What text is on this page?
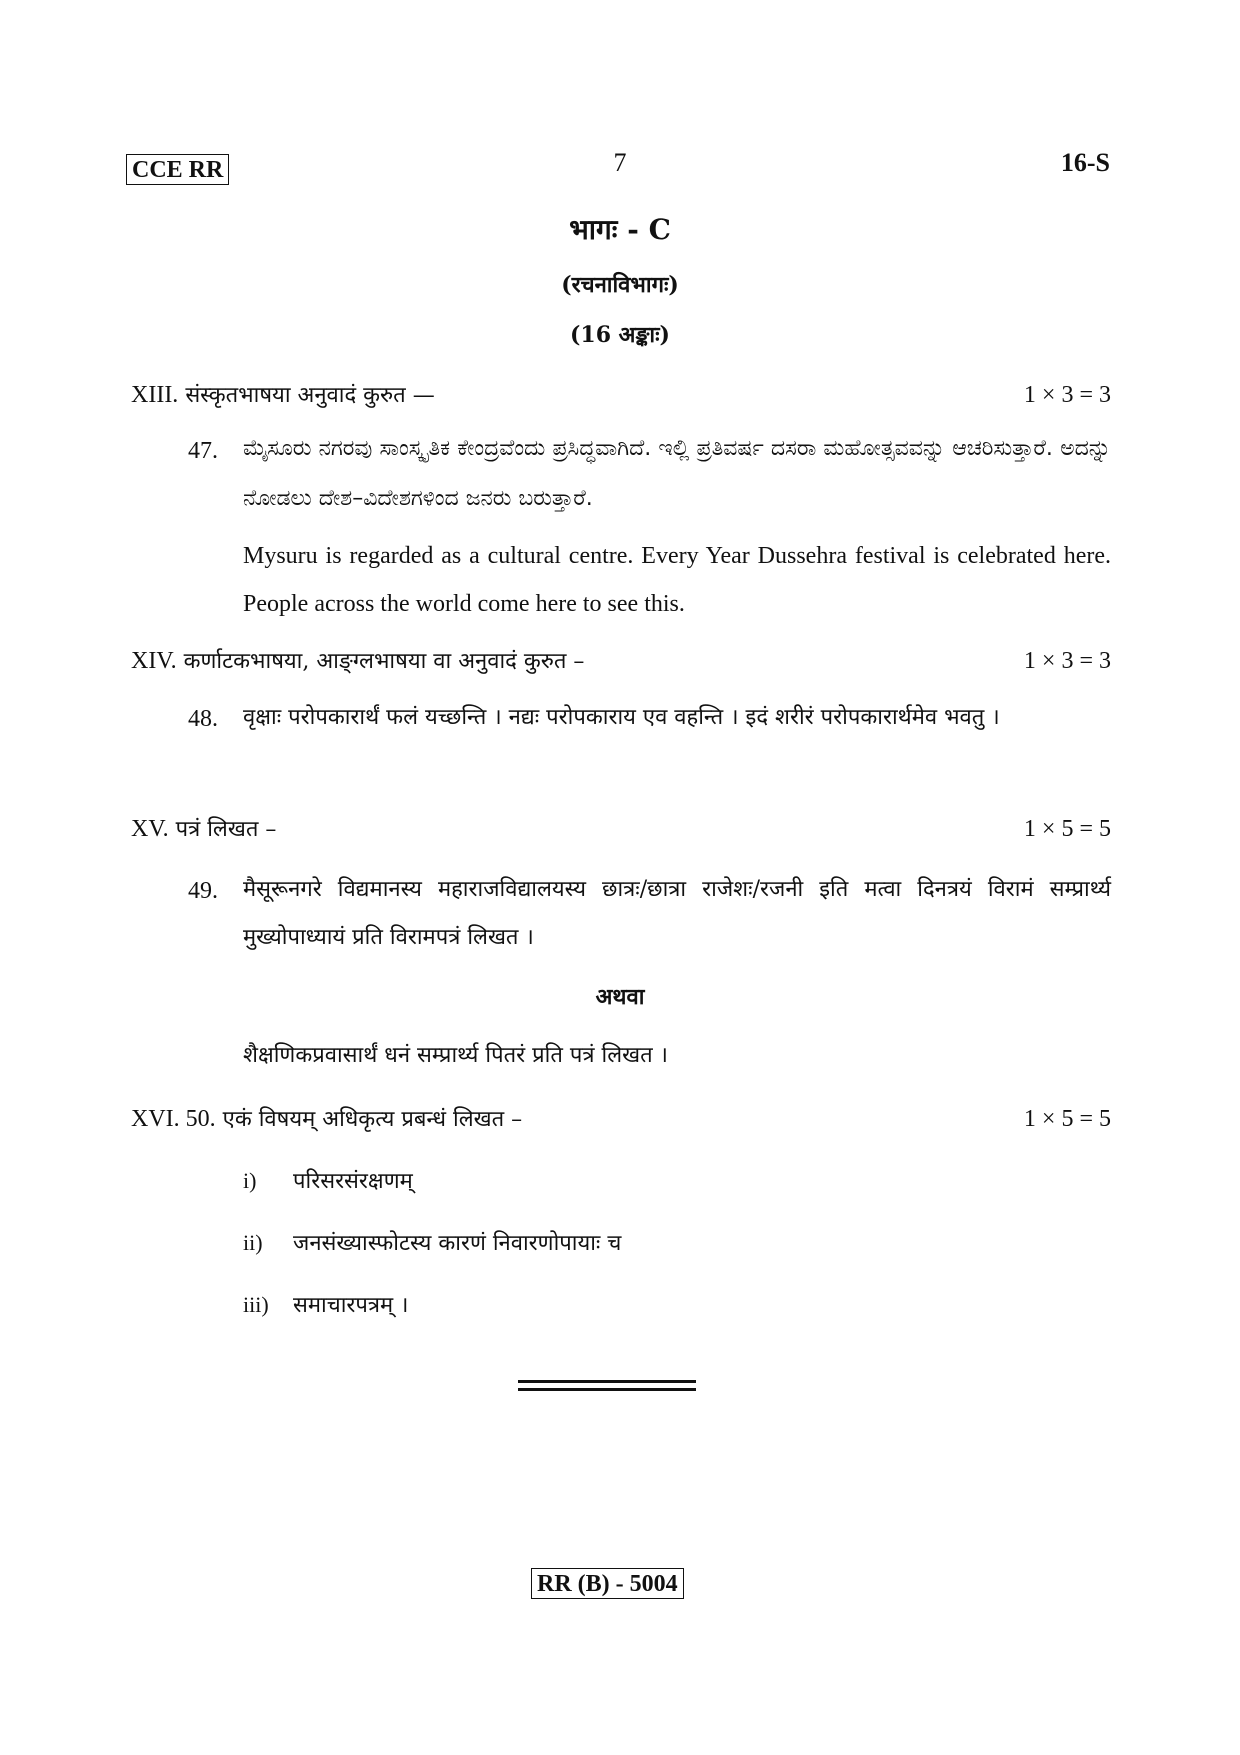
CCE RR	7	16-S
भागः - C
(रचनाविभागः)
(16 अङ्काः)
XIII. संस्कृतभाषया अनुवादं कुरुत —	1 × 3 = 3
47. ಮೈಸೂರು ನಗರವು ಸಾಂಸ್ಕೃತಿಕ ಕೇಂದ್ರವೆಂದು ಪ್ರಸಿದ್ಧವಾಗಿದೆ. ಇಲ್ಲಿ ಪ್ರತಿವರ್ಷ ದಸರಾ ಮಹೋತ್ಸವವನ್ನು ಆಚರಿಸುತ್ತಾರೆ. ಅದನ್ನು ನೋಡಲು ದೇಶ–ವಿದೇಶಗಳಿಂದ ಜನರು ಬರುತ್ತಾರೆ.
Mysuru is regarded as a cultural centre. Every Year Dussehra festival is celebrated here. People across the world come here to see this.
XIV. कर्णाटकभाषया, आङ्ग्लभाषया वा अनुवादं कुरुत –	1 × 3 = 3
48. वृक्षाः परोपकारार्थं फलं यच्छन्ति । नद्यः परोपकाराय एव वहन्ति । इदं शरीरं परोपकारार्थमेव भवतु ।
XV. पत्रं लिखत –	1 × 5 = 5
49. मैसूरूनगरे विद्यमानस्य महाराजविद्यालयस्य छात्रः/छात्रा राजेशः/रजनी इति मत्वा दिनत्रयं विरामं सम्प्रार्थ्य मुख्योपाध्यायं प्रति विरामपत्रं लिखत ।
अथवा
शैक्षणिकप्रवासार्थं धनं सम्प्रार्थ्य पितरं प्रति पत्रं लिखत ।
XVI. 50. एकं विषयम् अधिकृत्य प्रबन्धं लिखत –	1 × 5 = 5
i) परिसरसंरक्षणम्
ii) जनसंख्यास्फोटस्य कारणं निवारणोपायाः च
iii) समाचारपत्रम् ।
RR (B) - 5004
